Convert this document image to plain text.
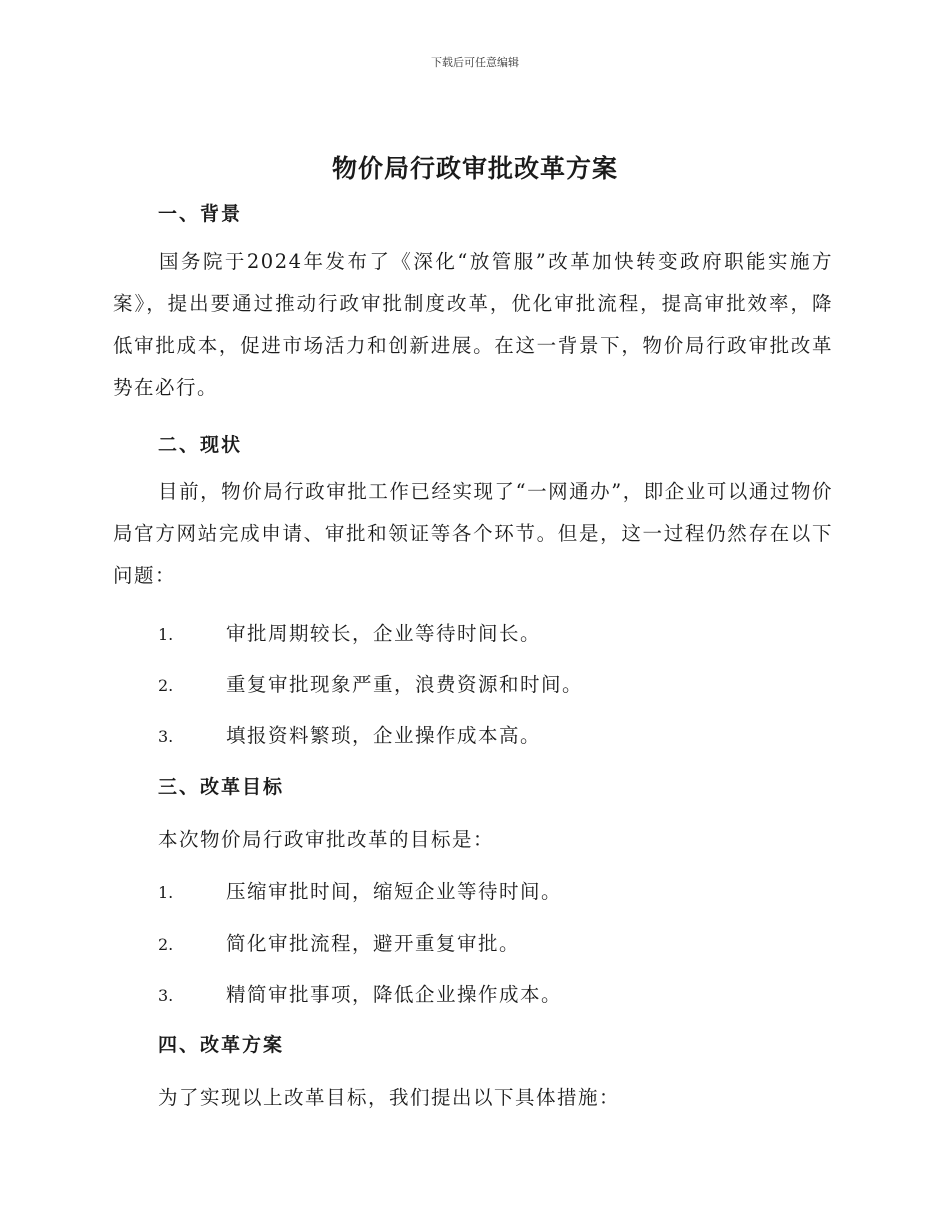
下载后可任意编辑
物价局行政审批改革方案
一、背景
国务院于2024年发布了《深化“放管服”改革加快转变政府职能实施方案》，提出要通过推动行政审批制度改革，优化审批流程，提高审批效率，降低审批成本，促进市场活力和创新进展。在这一背景下，物价局行政审批改革势在必行。
二、现状
目前，物价局行政审批工作已经实现了“一网通办”，即企业可以通过物价局官方网站完成申请、审批和领证等各个环节。但是，这一过程仍然存在以下问题：
1.	审批周期较长，企业等待时间长。
2.	重复审批现象严重，浪费资源和时间。
3.	填报资料繁琐，企业操作成本高。
三、改革目标
本次物价局行政审批改革的目标是：
1.	压缩审批时间，缩短企业等待时间。
2.	简化审批流程，避开重复审批。
3.	精简审批事项，降低企业操作成本。
四、改革方案
为了实现以上改革目标，我们提出以下具体措施：
